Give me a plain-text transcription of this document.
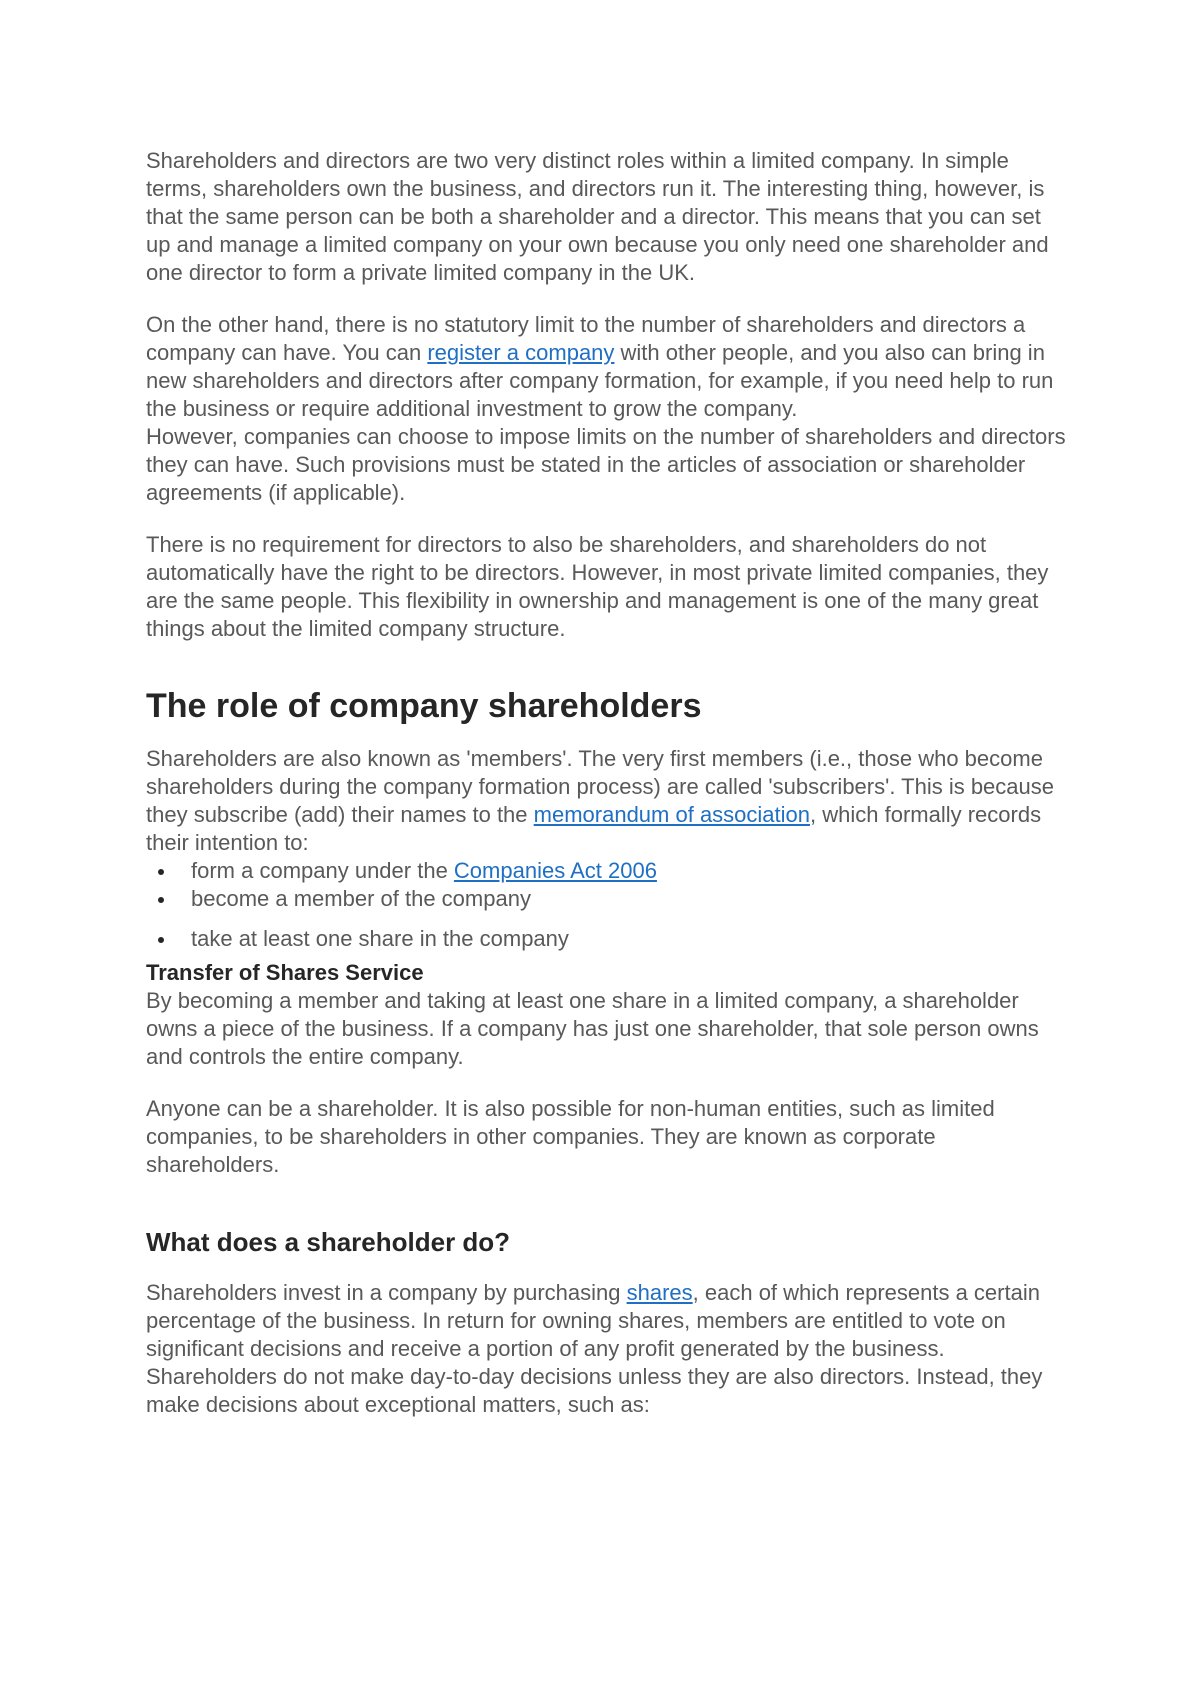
Shareholders and directors are two very distinct roles within a limited company. In simple terms, shareholders own the business, and directors run it. The interesting thing, however, is that the same person can be both a shareholder and a director. This means that you can set up and manage a limited company on your own because you only need one shareholder and one director to form a private limited company in the UK.

On the other hand, there is no statutory limit to the number of shareholders and directors a company can have. You can register a company with other people, and you also can bring in new shareholders and directors after company formation, for example, if you need help to run the business or require additional investment to grow the company.

However, companies can choose to impose limits on the number of shareholders and directors they can have. Such provisions must be stated in the articles of association or shareholder agreements (if applicable).

There is no requirement for directors to also be shareholders, and shareholders do not automatically have the right to be directors. However, in most private limited companies, they are the same people. This flexibility in ownership and management is one of the many great things about the limited company structure.

The role of company shareholders

Shareholders are also known as 'members'. The very first members (i.e., those who become shareholders during the company formation process) are called 'subscribers'. This is because they subscribe (add) their names to the memorandum of association, which formally records their intention to:

form a company under the Companies Act 2006
become a member of the company
take at least one share in the company
Transfer of Shares Service

By becoming a member and taking at least one share in a limited company, a shareholder owns a piece of the business. If a company has just one shareholder, that sole person owns and controls the entire company.

Anyone can be a shareholder. It is also possible for non-human entities, such as limited companies, to be shareholders in other companies. They are known as corporate shareholders.

What does a shareholder do?

Shareholders invest in a company by purchasing shares, each of which represents a certain percentage of the business. In return for owning shares, members are entitled to vote on significant decisions and receive a portion of any profit generated by the business.

Shareholders do not make day-to-day decisions unless they are also directors. Instead, they make decisions about exceptional matters, such as:
